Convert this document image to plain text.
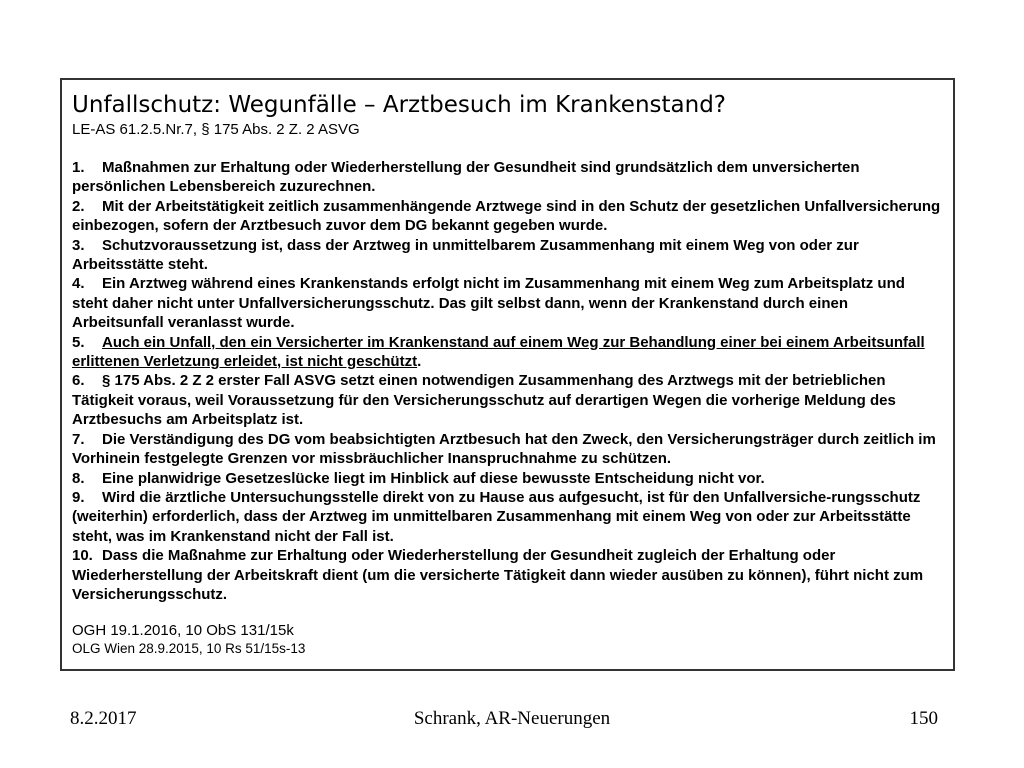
Unfallschutz: Wegunfälle – Arztbesuch im Krankenstand?

LE-AS 61.2.5.Nr.7, § 175 Abs. 2 Z. 2 ASVG

1. Maßnahmen zur Erhaltung oder Wiederherstellung der Gesundheit sind grundsätzlich dem unversicherten persönlichen Lebensbereich zuzurechnen.

2. Mit der Arbeitstätigkeit zeitlich zusammenhängende Arztwege sind in den Schutz der gesetzlichen Unfallversicherung einbezogen, sofern der Arztbesuch zuvor dem DG bekannt gegeben wurde.

3. Schutzvoraussetzung ist, dass der Arztweg in unmittelbarem Zusammenhang mit einem Weg von oder zur Arbeitsstätte steht.

4. Ein Arztweg während eines Krankenstands erfolgt nicht im Zusammenhang mit einem Weg zum Arbeitsplatz und steht daher nicht unter Unfallversicherungsschutz. Das gilt selbst dann, wenn der Krankenstand durch einen Arbeitsunfall veranlasst wurde.

5. Auch ein Unfall, den ein Versicherter im Krankenstand auf einem Weg zur Behandlung einer bei einem Arbeitsunfall erlittenen Verletzung erleidet, ist nicht geschützt.

6. § 175 Abs. 2 Z 2 erster Fall ASVG setzt einen notwendigen Zusammenhang des Arztwegs mit der betrieblichen Tätigkeit voraus, weil Voraussetzung für den Versicherungsschutz auf derartigen Wegen die vorherige Meldung des Arztbesuchs am Arbeitsplatz ist.

7. Die Verständigung des DG vom beabsichtigten Arztbesuch hat den Zweck, den Versicherungsträger durch zeitlich im Vorhinein festgelegte Grenzen vor missbräuchlicher Inanspruchnahme zu schützen.

8. Eine planwidrige Gesetzeslücke liegt im Hinblick auf diese bewusste Entscheidung nicht vor.

9. Wird die ärztliche Untersuchungsstelle direkt von zu Hause aus aufgesucht, ist für den Unfallversiche-rungsschutz (weiterhin) erforderlich, dass der Arztweg im unmittelbaren Zusammenhang mit einem Weg von oder zur Arbeitsstätte steht, was im Krankenstand nicht der Fall ist.

10. Dass die Maßnahme zur Erhaltung oder Wiederherstellung der Gesundheit zugleich der Erhaltung oder Wiederherstellung der Arbeitskraft dient (um die versicherte Tätigkeit dann wieder ausüben zu können), führt nicht zum Versicherungsschutz.

OGH 19.1.2016, 10 ObS 131/15k

OLG Wien 28.9.2015, 10 Rs 51/15s-13

8.2.2017	Schrank, AR-Neuerungen	150
